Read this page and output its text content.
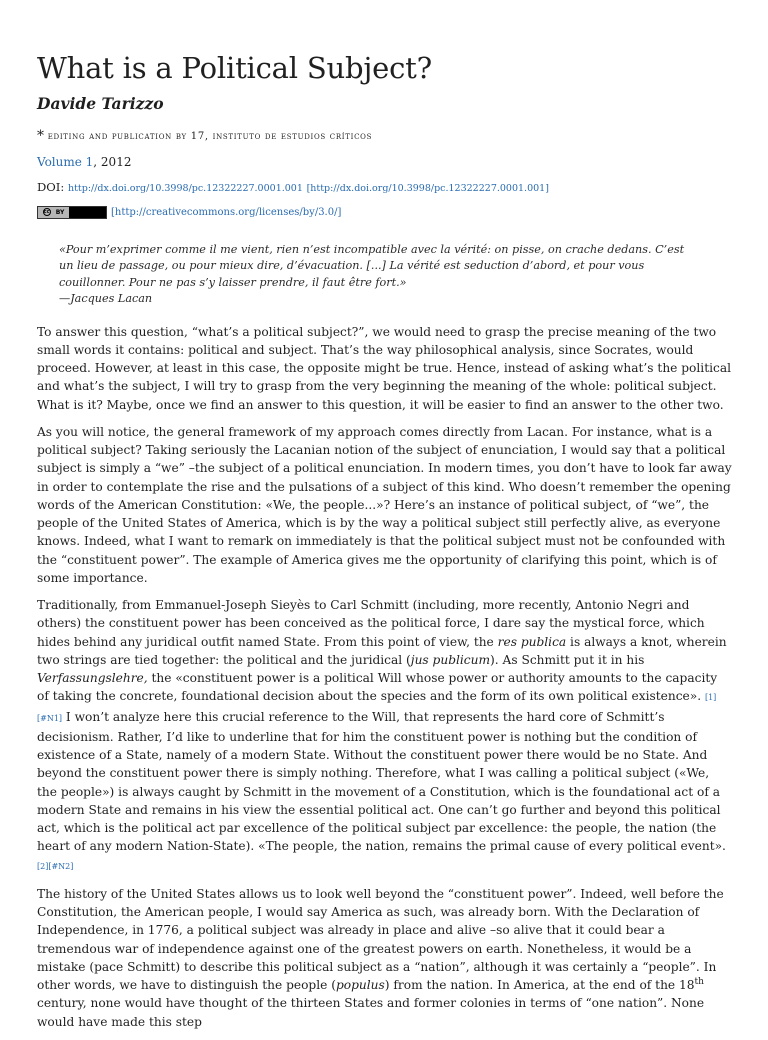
What is a Political Subject?
Davide Tarizzo
* editing and publication by 17, instituto de estudios críticos
Volume 1, 2012
DOI: http://dx.doi.org/10.3998/pc.12322227.0001.001 [http://dx.doi.org/10.3998/pc.12322227.0001.001]
cc BY	[http://creativecommons.org/licenses/by/3.0/]
«Pour m’exprimer comme il me vient, rien n’est incompatible avec la vérité: on pisse, on crache dedans. C’est un lieu de passage, ou pour mieux dire, d’évacuation. [...] La vérité est seduction d’abord, et pour vous couillonner. Pour ne pas s’y laisser prendre, il faut être fort.»
—Jacques Lacan

To answer this question, “what’s a political subject?”, we would need to grasp the precise meaning of the two small words it contains: political and subject. That’s the way philosophical analysis, since Socrates, would proceed. However, at least in this case, the opposite might be true. Hence, instead of asking what’s the political and what’s the subject, I will try to grasp from the very beginning the meaning of the whole: political subject. What is it? Maybe, once we find an answer to this question, it will be easier to find an answer to the other two.

As you will notice, the general framework of my approach comes directly from Lacan. For instance, what is a political subject? Taking seriously the Lacanian notion of the subject of enunciation, I would say that a political subject is simply a “we” –the subject of a political enunciation. In modern times, you don’t have to look far away in order to contemplate the rise and the pulsations of a subject of this kind. Who doesn’t remember the opening words of the American Constitution: «We, the people...»? Here’s an instance of political subject, of “we”, the people of the United States of America, which is by the way a political subject still perfectly alive, as everyone knows. Indeed, what I want to remark on immediately is that the political subject must not be confounded with the “constituent power”. The example of America gives me the opportunity of clarifying this point, which is of some importance.

Traditionally, from Emmanuel-Joseph Sieyès to Carl Schmitt (including, more recently, Antonio Negri and others) the constituent power has been conceived as the political force, I dare say the mystical force, which hides behind any juridical outfit named State. From this point of view, the res publica is always a knot, wherein two strings are tied together: the political and the juridical (jus publicum). As Schmitt put it in his Verfassungslehre, the «constituent power is a political Will whose power or authority amounts to the capacity of taking the concrete, foundational decision about the species and the form of its own political existence». [1][#N1] I won’t analyze here this crucial reference to the Will, that represents the hard core of Schmitt’s decisionism. Rather, I’d like to underline that for him the constituent power is nothing but the condition of existence of a State, namely of a modern State. Without the constituent power there would be no State. And beyond the constituent power there is simply nothing. Therefore, what I was calling a political subject («We, the people») is always caught by Schmitt in the movement of a Constitution, which is the foundational act of a modern State and remains in his view the essential political act. One can’t go further and beyond this political act, which is the political act par excellence of the political subject par excellence: the people, the nation (the heart of any modern Nation-State). «The people, the nation, remains the primal cause of every political event». [2][#N2]

The history of the United States allows us to look well beyond the “constituent power”. Indeed, well before the Constitution, the American people, I would say America as such, was already born. With the Declaration of Independence, in 1776, a political subject was already in place and alive –so alive that it could bear a tremendous war of independence against one of the greatest powers on earth. Nonetheless, it would be a mistake (pace Schmitt) to describe this political subject as a “nation”, although it was certainly a “people”. In other words, we have to distinguish the people (populus) from the nation. In America, at the end of the 18th century, none would have thought of the thirteen States and former colonies in terms of “one nation”. None would have made this step
